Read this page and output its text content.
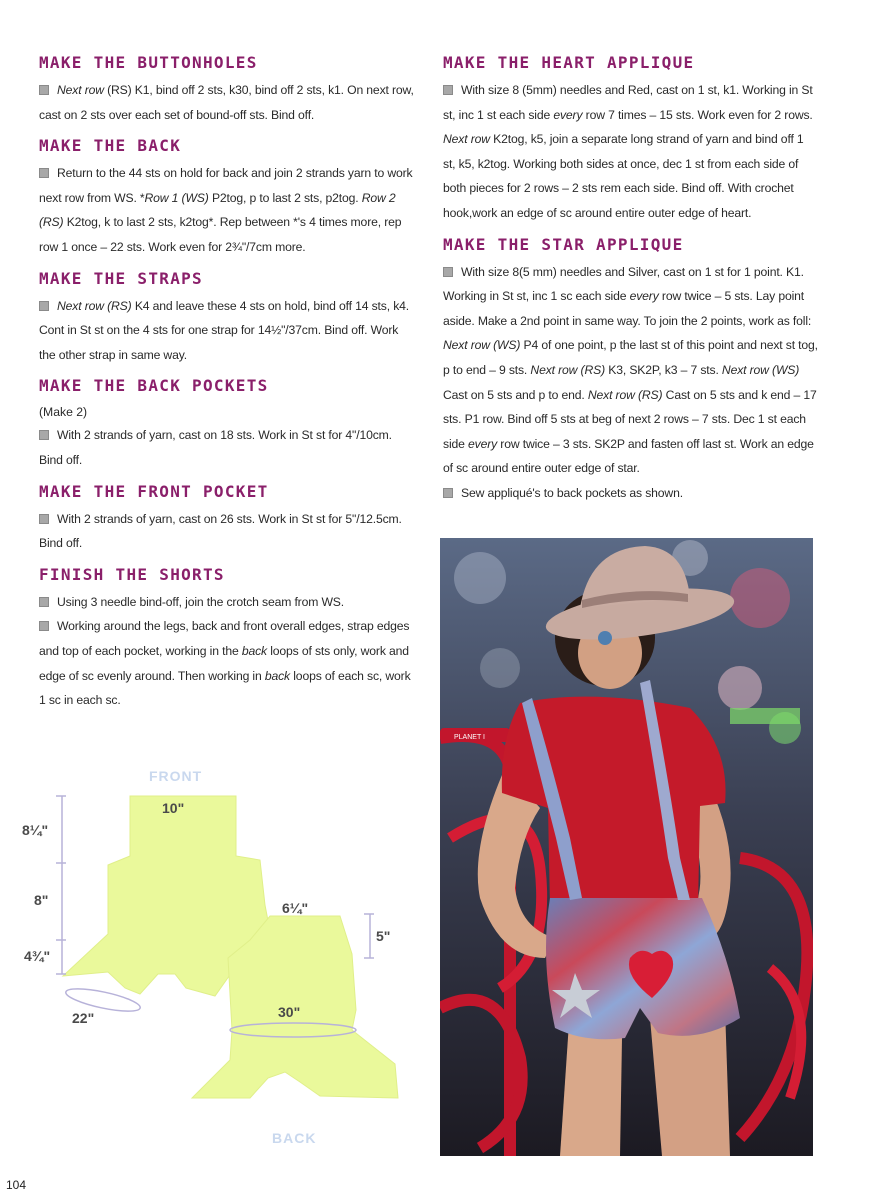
MAKE THE BUTTONHOLES

Next row (RS) K1, bind off 2 sts, k30, bind off 2 sts, k1. On next row, cast on 2 sts over each set of bound-off sts. Bind off.

MAKE THE BACK

Return to the 44 sts on hold for back and join 2 strands yarn to work next row from WS. *Row 1 (WS) P2tog, p to last 2 sts, p2tog. Row 2 (RS) K2tog, k to last 2 sts, k2tog*. Rep between *'s 4 times more, rep row 1 once – 22 sts. Work even for 2¾"/7cm more.

MAKE THE STRAPS

Next row (RS) K4 and leave these 4 sts on hold, bind off 14 sts, k4. Cont in St st on the 4 sts for one strap for 14½"/37cm. Bind off. Work the other strap in same way.

MAKE THE BACK POCKETS
(Make 2)

With 2 strands of yarn, cast on 18 sts. Work in St st for 4"/10cm. Bind off.

MAKE THE FRONT POCKET

With 2 strands of yarn, cast on 26 sts. Work in St st for 5"/12.5cm. Bind off.

FINISH THE SHORTS

Using 3 needle bind-off, join the crotch seam from WS.

Working around the legs, back and front overall edges, strap edges and top of each pocket, working in the back loops of sts only, work and edge of sc evenly around. Then working in back loops of each sc, work 1 sc in each sc.

MAKE THE HEART APPLIQUE

With size 8 (5mm) needles and Red, cast on 1 st, k1. Working in St st, inc 1 st each side every row 7 times – 15 sts. Work even for 2 rows. Next row K2tog, k5, join a separate long strand of yarn and bind off 1 st, k5, k2tog. Working both sides at once, dec 1 st from each side of both pieces for 2 rows – 2 sts rem each side. Bind off. With crochet hook,work an edge of sc around entire outer edge of heart.

MAKE THE STAR APPLIQUE

With size 8(5 mm) needles and Silver, cast on 1 st for 1 point. K1. Working in St st, inc 1 sc each side every row twice – 5 sts. Lay point aside. Make a 2nd point in same way. To join the 2 points, work as foll: Next row (WS) P4 of one point, p the last st of this point and next st tog, p to end – 9 sts. Next row (RS) K3, SK2P, k3 – 7 sts. Next row (WS) Cast on 5 sts and p to end. Next row (RS) Cast on 5 sts and k end – 17 sts. P1 row. Bind off 5 sts at beg of next 2 rows – 7 sts. Dec 1 st each side every row twice – 3 sts. SK2P and fasten off last st. Work an edge of sc around entire outer edge of star.

Sew appliqué's to back pockets as shown.

FRONT
BACK
10"
8¼"
8"
4¾"
22"
6¼"
5"
30"
PLANET I
104
